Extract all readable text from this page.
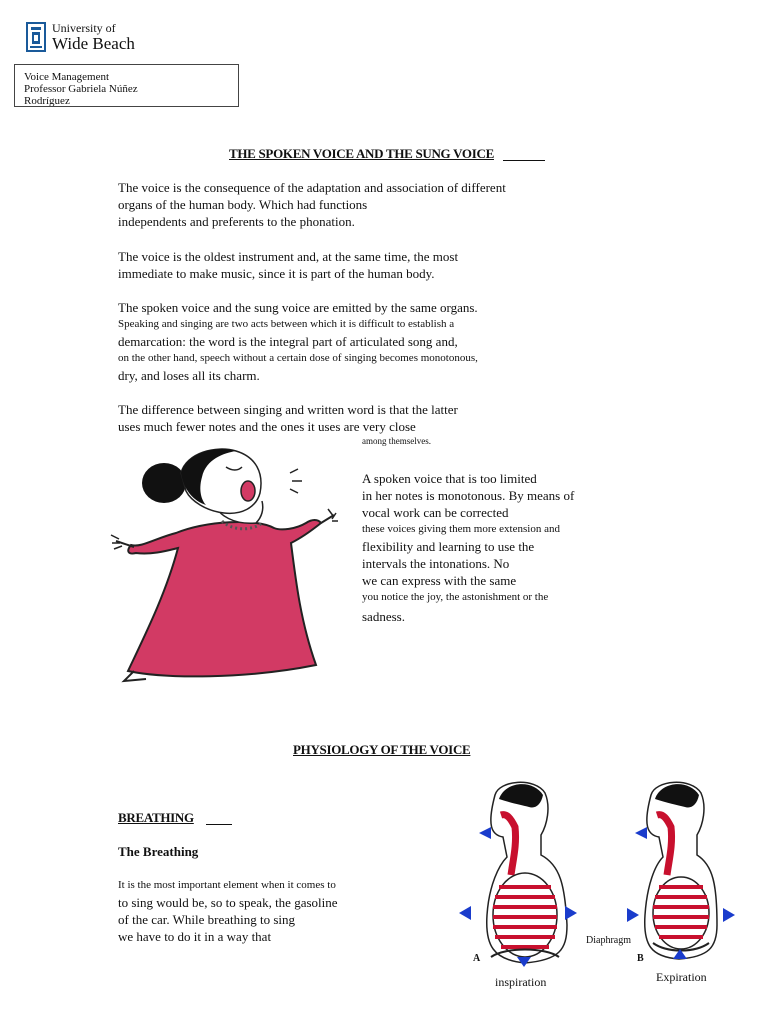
University of
Wide Beach
Voice Management
Professor Gabriela Núñez
Rodríguez
THE SPOKEN VOICE AND THE SUNG VOICE
The voice is the consequence of the adaptation and association of different
organs of the human body. Which had functions
independents and preferents to the phonation.
The voice is the oldest instrument and, at the same time, the most
immediate to make music, since it is part of the human body.
The spoken voice and the sung voice are emitted by the same organs.
Speaking and singing are two acts between which it is difficult to establish a
demarcation: the word is the integral part of articulated song and,
on the other hand, speech without a certain dose of singing becomes monotonous,
dry, and loses all its charm.
The difference between singing and written word is that the latter
uses much fewer notes and the ones it uses are very close
among themselves.
A spoken voice that is too limited
in her notes is monotonous. By means of
vocal work can be corrected
these voices giving them more extension and
flexibility and learning to use the
intervals the intonations. No
we can express with the same
you notice the joy, the astonishment or the
sadness.
PHYSIOLOGY OF THE VOICE
BREATHING
The Breathing
It is the most important element when it comes to
to sing would be, so to speak, the gasoline
of the car. While breathing to sing
we have to do it in a way that
A	B
Diaphragm
inspiration	Expiration
